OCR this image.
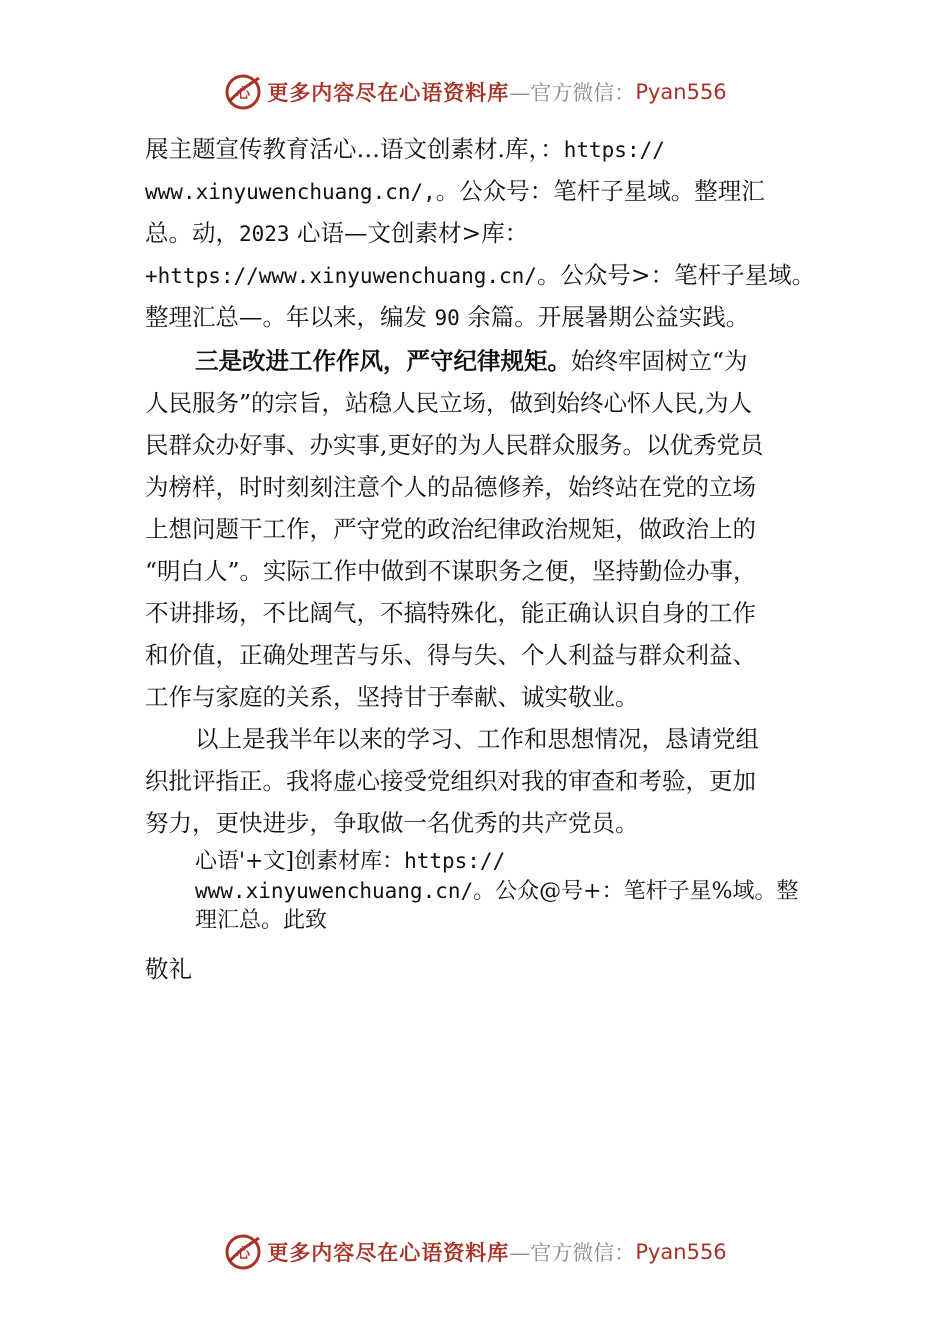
心 更多内容尽在心语资料库 —官方微信： Pyan556
展主题宣传教育活心…语文创素材.库，：https://
www.xinyuwenchuang.cn/,。公众号：笔杆子星域。整理汇
总。动，2023 心语—文创素材>库：
+https://www.xinyuwenchuang.cn/。公众号>：笔杆子星域。
整理汇总—。年以来，编发 90 余篇。开展暑期公益实践。
三是改进工作作风，严守纪律规矩。始终牢固树立“为
人民服务”的宗旨，站稳人民立场，做到始终心怀人民,为人
民群众办好事、办实事,更好的为人民群众服务。以优秀党员
为榜样，时时刻刻注意个人的品德修养，始终站在党的立场
上想问题干工作，严守党的政治纪律政治规矩，做政治上的
“明白人”。实际工作中做到不谋职务之便，坚持勤俭办事，
不讲排场，不比阔气，不搞特殊化，能正确认识自身的工作
和价值，正确处理苦与乐、得与失、个人利益与群众利益、
工作与家庭的关系，坚持甘于奉献、诚实敬业。
以上是我半年以来的学习、工作和思想情况，恳请党组
织批评指正。我将虚心接受党组织对我的审查和考验，更加
努力，更快进步，争取做一名优秀的共产党员。
心语'+文]创素材库：https://
www.xinyuwenchuang.cn/。公众@号+：笔杆子星%域。整
理汇总。此致
敬礼
心 更多内容尽在心语资料库 —官方微信： Pyan556
